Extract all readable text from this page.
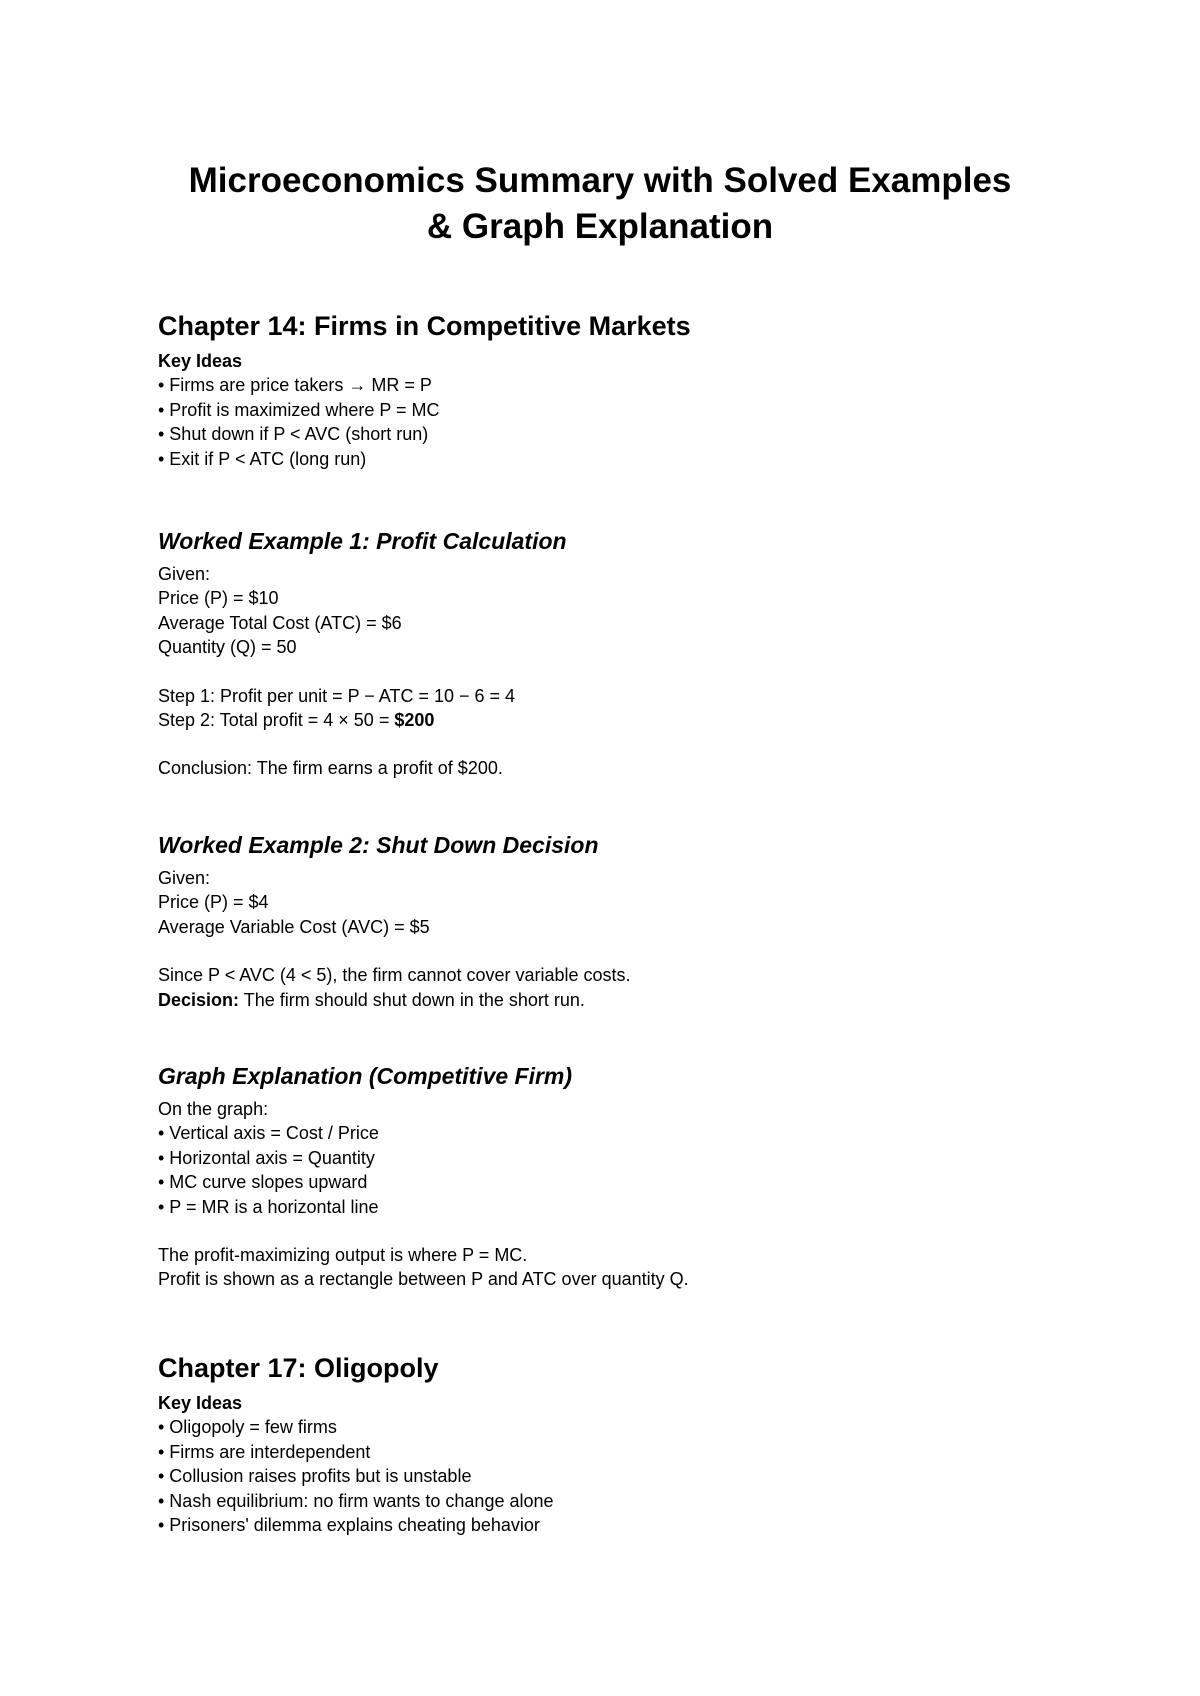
Microeconomics Summary with Solved Examples
& Graph Explanation
Chapter 14: Firms in Competitive Markets
Key Ideas
• Firms are price takers → MR = P
• Profit is maximized where P = MC
• Shut down if P < AVC (short run)
• Exit if P < ATC (long run)
Worked Example 1: Profit Calculation
Given:
Price (P) = $10
Average Total Cost (ATC) = $6
Quantity (Q) = 50
Step 1: Profit per unit = P − ATC = 10 − 6 = 4
Step 2: Total profit = 4 × 50 = $200
Conclusion: The firm earns a profit of $200.
Worked Example 2: Shut Down Decision
Given:
Price (P) = $4
Average Variable Cost (AVC) = $5
Since P < AVC (4 < 5), the firm cannot cover variable costs.
Decision: The firm should shut down in the short run.
Graph Explanation (Competitive Firm)
On the graph:
• Vertical axis = Cost / Price
• Horizontal axis = Quantity
• MC curve slopes upward
• P = MR is a horizontal line
The profit-maximizing output is where P = MC.
Profit is shown as a rectangle between P and ATC over quantity Q.
Chapter 17: Oligopoly
Key Ideas
• Oligopoly = few firms
• Firms are interdependent
• Collusion raises profits but is unstable
• Nash equilibrium: no firm wants to change alone
• Prisoners' dilemma explains cheating behavior
